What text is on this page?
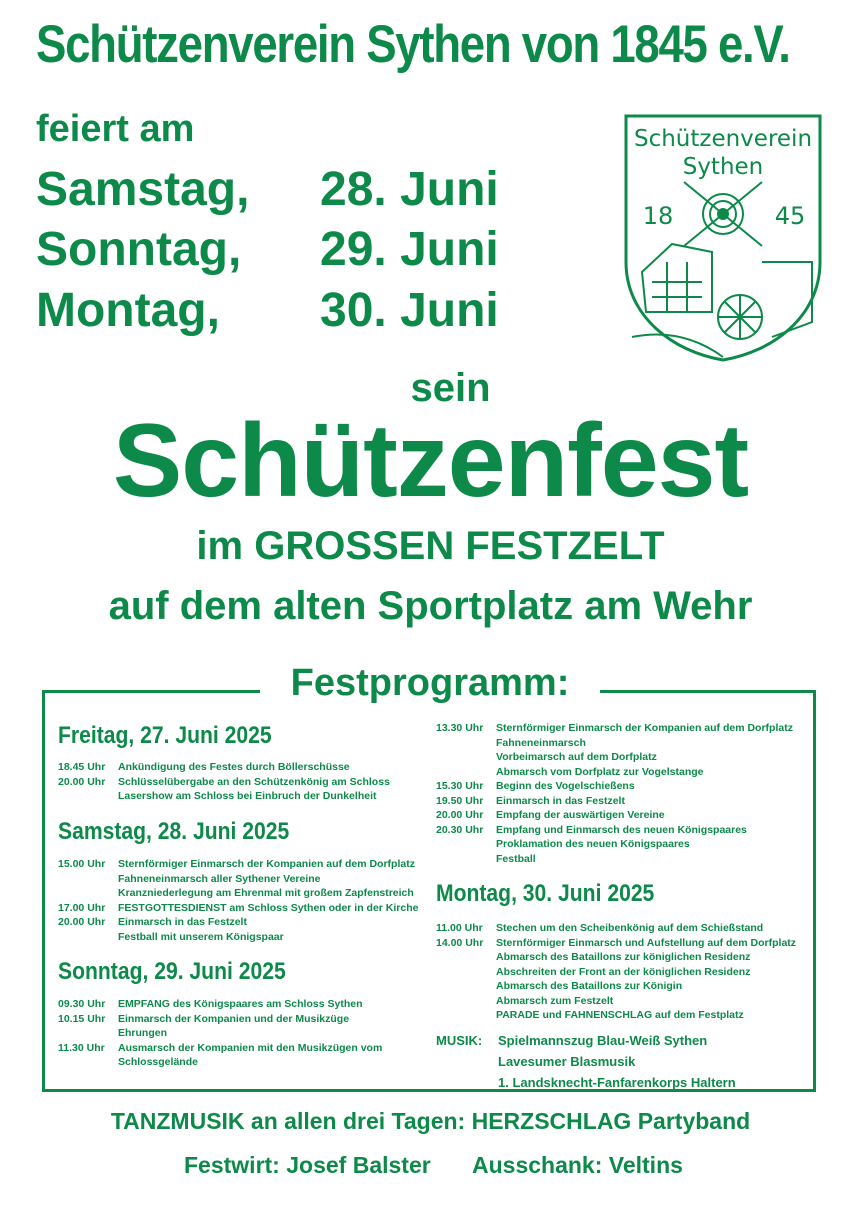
Schützenverein Sythen von 1845 e.V.
feiert am
Samstag, 28. Juni
Sonntag, 29. Juni
Montag, 30. Juni
Schützenverein
Sythen
18	45
sein
Schützenfest
im GROSSEN FESTZELT
auf dem alten Sportplatz am Wehr
Festprogramm:
Freitag, 27. Juni 2025
18.45 Uhr Ankündigung des Festes durch Böllerschüsse
20.00 Uhr Schlüsselübergabe an den Schützenkönig am Schloss
Lasershow am Schloss bei Einbruch der Dunkelheit
Samstag, 28. Juni 2025
15.00 Uhr Sternförmiger Einmarsch der Kompanien auf dem Dorfplatz
Fahneneinmarsch aller Sythener Vereine
Kranzniederlegung am Ehrenmal mit großem Zapfenstreich
17.00 Uhr FESTGOTTESDIENST am Schloss Sythen oder in der Kirche
20.00 Uhr Einmarsch in das Festzelt
Festball mit unserem Königspaar
Sonntag, 29. Juni 2025
09.30 Uhr EMPFANG des Königspaares am Schloss Sythen
10.15 Uhr Einmarsch der Kompanien und der Musikzüge
Ehrungen
11.30 Uhr Ausmarsch der Kompanien mit den Musikzügen vom
Schlossgelände
13.30 Uhr Sternförmiger Einmarsch der Kompanien auf dem Dorfplatz
Fahneneinmarsch
Vorbeimarsch auf dem Dorfplatz
Abmarsch vom Dorfplatz zur Vogelstange
15.30 Uhr Beginn des Vogelschießens
19.50 Uhr Einmarsch in das Festzelt
20.00 Uhr Empfang der auswärtigen Vereine
20.30 Uhr Empfang und Einmarsch des neuen Königspaares
Proklamation des neuen Königspaares
Festball
Montag, 30. Juni 2025
11.00 Uhr Stechen um den Scheibenkönig auf dem Schießstand
14.00 Uhr Sternförmiger Einmarsch und Aufstellung auf dem Dorfplatz
Abmarsch des Bataillons zur königlichen Residenz
Abschreiten der Front an der königlichen Residenz
Abmarsch des Bataillons zur Königin
Abmarsch zum Festzelt
PARADE und FAHNENSCHLAG auf dem Festplatz
MUSIK: Spielmannszug Blau-Weiß Sythen
Lavesumer Blasmusik
1. Landsknecht-Fanfarenkorps Haltern
TANZMUSIK an allen drei Tagen: HERZSCHLAG Partyband
Festwirt: Josef Balster Ausschank: Veltins
